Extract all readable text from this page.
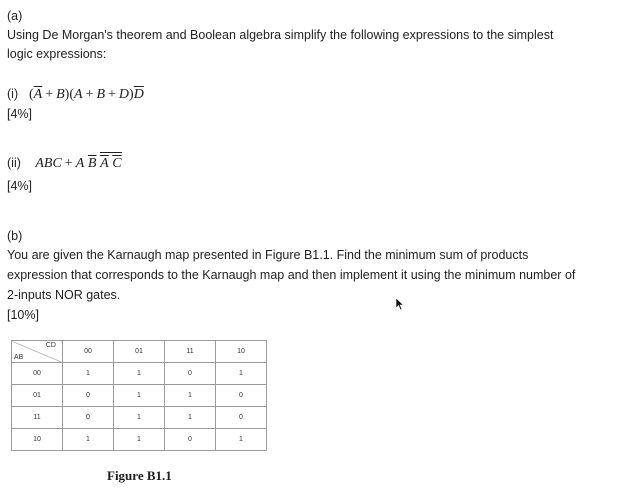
(a)
Using De Morgan's theorem and Boolean algebra simplify the following expressions to the simplest
logic expressions:
(i) $(\overline{A} + B)(A + B + D)\overline{D}$
[4%]
(ii) ABC + A $\overline{B}$ $\overline{A}$ $\overline{C}$
[4%]
(b)
You are given the Karnaugh map presented in Figure B1.1. Find the minimum sum of products
expression that corresponds to the Karnaugh map and then implement it using the minimum number of
2-inputs NOR gates.
[10%]
CD
AB	00	01	11	10
00	1	1	0	1
01	0	1	1	0
11	0	1	1	0
10	1	1	0	1
Figure B1.1
